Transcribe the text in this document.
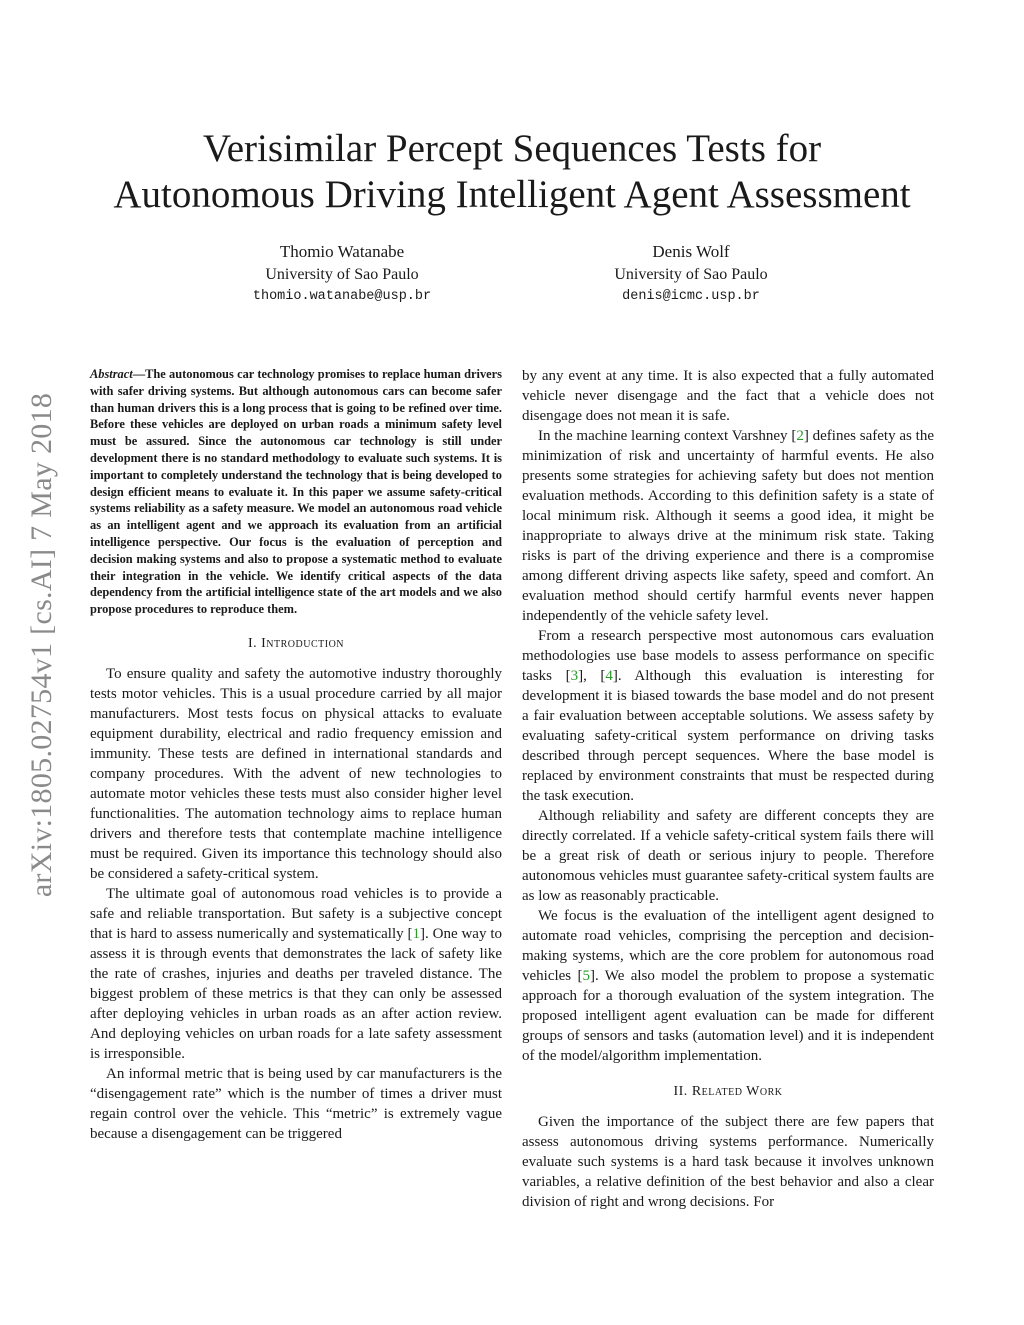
Verisimilar Percept Sequences Tests for
Autonomous Driving Intelligent Agent Assessment
Thomio Watanabe
University of Sao Paulo
thomio.watanabe@usp.br
Denis Wolf
University of Sao Paulo
denis@icmc.usp.br
arXiv:1805.02754v1 [cs.AI] 7 May 2018

Abstract—The autonomous car technology promises to replace human drivers with safer driving systems. But although autonomous cars can become safer than human drivers this is a long process that is going to be refined over time. Before these vehicles are deployed on urban roads a minimum safety level must be assured. Since the autonomous car technology is still under development there is no standard methodology to evaluate such systems. It is important to completely understand the technology that is being developed to design efficient means to evaluate it. In this paper we assume safety-critical systems reliability as a safety measure. We model an autonomous road vehicle as an intelligent agent and we approach its evaluation from an artificial intelligence perspective. Our focus is the evaluation of perception and decision making systems and also to propose a systematic method to evaluate their integration in the vehicle. We identify critical aspects of the data dependency from the artificial intelligence state of the art models and we also propose procedures to reproduce them.

I. Introduction

To ensure quality and safety the automotive industry thoroughly tests motor vehicles. This is a usual procedure carried by all major manufacturers. Most tests focus on physical attacks to evaluate equipment durability, electrical and radio frequency emission and immunity. These tests are defined in international standards and company procedures. With the advent of new technologies to automate motor vehicles these tests must also consider higher level functionalities. The automation technology aims to replace human drivers and therefore tests that contemplate machine intelligence must be required. Given its importance this technology should also be considered a safety-critical system.

The ultimate goal of autonomous road vehicles is to provide a safe and reliable transportation. But safety is a subjective concept that is hard to assess numerically and systematically [1]. One way to assess it is through events that demonstrates the lack of safety like the rate of crashes, injuries and deaths per traveled distance. The biggest problem of these metrics is that they can only be assessed after deploying vehicles in urban roads as an after action review. And deploying vehicles on urban roads for a late safety assessment is irresponsible.

An informal metric that is being used by car manufacturers is the “disengagement rate” which is the number of times a driver must regain control over the vehicle. This “metric” is extremely vague because a disengagement can be triggered

by any event at any time. It is also expected that a fully automated vehicle never disengage and the fact that a vehicle does not disengage does not mean it is safe.

In the machine learning context Varshney [2] defines safety as the minimization of risk and uncertainty of harmful events. He also presents some strategies for achieving safety but does not mention evaluation methods. According to this definition safety is a state of local minimum risk. Although it seems a good idea, it might be inappropriate to always drive at the minimum risk state. Taking risks is part of the driving experience and there is a compromise among different driving aspects like safety, speed and comfort. An evaluation method should certify harmful events never happen independently of the vehicle safety level.

From a research perspective most autonomous cars evaluation methodologies use base models to assess performance on specific tasks [3], [4]. Although this evaluation is interesting for development it is biased towards the base model and do not present a fair evaluation between acceptable solutions. We assess safety by evaluating safety-critical system performance on driving tasks described through percept sequences. Where the base model is replaced by environment constraints that must be respected during the task execution.

Although reliability and safety are different concepts they are directly correlated. If a vehicle safety-critical system fails there will be a great risk of death or serious injury to people. Therefore autonomous vehicles must guarantee safety-critical system faults are as low as reasonably practicable.

We focus is the evaluation of the intelligent agent designed to automate road vehicles, comprising the perception and decision-making systems, which are the core problem for autonomous road vehicles [5]. We also model the problem to propose a systematic approach for a thorough evaluation of the system integration. The proposed intelligent agent evaluation can be made for different groups of sensors and tasks (automation level) and it is independent of the model/algorithm implementation.

II. Related Work

Given the importance of the subject there are few papers that assess autonomous driving systems performance. Numerically evaluate such systems is a hard task because it involves unknown variables, a relative definition of the best behavior and also a clear division of right and wrong decisions. For
